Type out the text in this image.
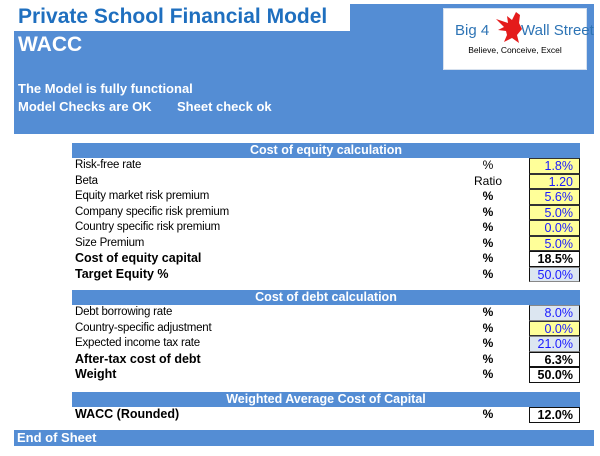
Private School Financial Model
WACC
The Model is fully functional
Model Checks are OK Sheet check ok
Big 4 Wall Street
Believe, Conceive, Excel
Cost of equity calculation
Risk-free rate	%	1.8%
Beta	Ratio	1.20
Equity market risk premium	%	5.6%
Company specific risk premium	%	5.0%
Country specific risk premium	%	0.0%
Size Premium	%	5.0%
Cost of equity capital	%	18.5%
Target Equity %	%	50.0%
Cost of debt calculation
Debt borrowing rate	%	8.0%
Country-specific adjustment	%	0.0%
Expected income tax rate	%	21.0%
After-tax cost of debt	%	6.3%
Weight	%	50.0%
Weighted Average Cost of Capital
WACC (Rounded)	%	12.0%
End of Sheet
